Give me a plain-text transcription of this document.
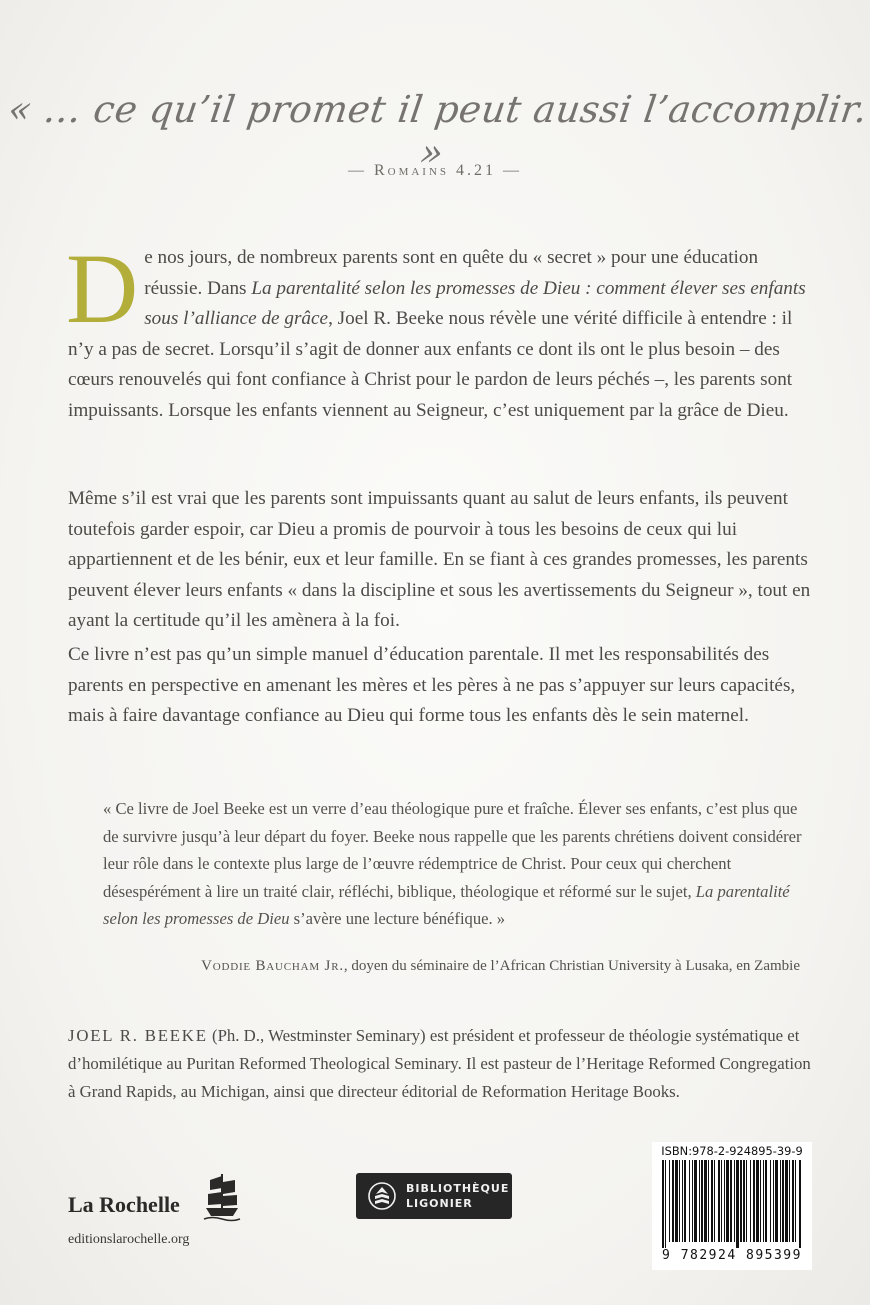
« … ce qu’il promet il peut aussi l’accomplir. »
— Romains 4.21 —
De nos jours, de nombreux parents sont en quête du « secret » pour une éducation réussie. Dans La parentalité selon les promesses de Dieu : comment élever ses enfants sous l’alliance de grâce, Joel R. Beeke nous révèle une vérité difficile à entendre : il n’y a pas de secret. Lorsqu’il s’agit de donner aux enfants ce dont ils ont le plus besoin – des cœurs renouvelés qui font confiance à Christ pour le pardon de leurs péchés –, les parents sont impuissants. Lorsque les enfants viennent au Seigneur, c’est uniquement par la grâce de Dieu.
Même s’il est vrai que les parents sont impuissants quant au salut de leurs enfants, ils peuvent toutefois garder espoir, car Dieu a promis de pourvoir à tous les besoins de ceux qui lui appartiennent et de les bénir, eux et leur famille. En se fiant à ces grandes promesses, les parents peuvent élever leurs enfants « dans la discipline et sous les avertissements du Seigneur », tout en ayant la certitude qu’il les amènera à la foi.
Ce livre n’est pas qu’un simple manuel d’éducation parentale. Il met les responsabilités des parents en perspective en amenant les mères et les pères à ne pas s’appuyer sur leurs capacités, mais à faire davantage confiance au Dieu qui forme tous les enfants dès le sein maternel.
« Ce livre de Joel Beeke est un verre d’eau théologique pure et fraîche. Élever ses enfants, c’est plus que de survivre jusqu’à leur départ du foyer. Beeke nous rappelle que les parents chrétiens doivent considérer leur rôle dans le contexte plus large de l’œuvre rédemptrice de Christ. Pour ceux qui cherchent désespérément à lire un traité clair, réfléchi, biblique, théologique et réformé sur le sujet, La parentalité selon les promesses de Dieu s’avère une lecture bénéfique. »
Voddie Baucham Jr., doyen du séminaire de l’African Christian University à Lusaka, en Zambie
JOEL R. BEEKE (Ph. D., Westminster Seminary) est président et professeur de théologie systématique et d’homilétique au Puritan Reformed Theological Seminary. Il est pasteur de l’Heritage Reformed Congregation à Grand Rapids, au Michigan, ainsi que directeur éditorial de Reformation Heritage Books.
La Rochelle
editionslarochelle.org
BIBLIOTHÈQUE
LIGONIER
ISBN:978-2-924895-39-9
9 782924 895399
